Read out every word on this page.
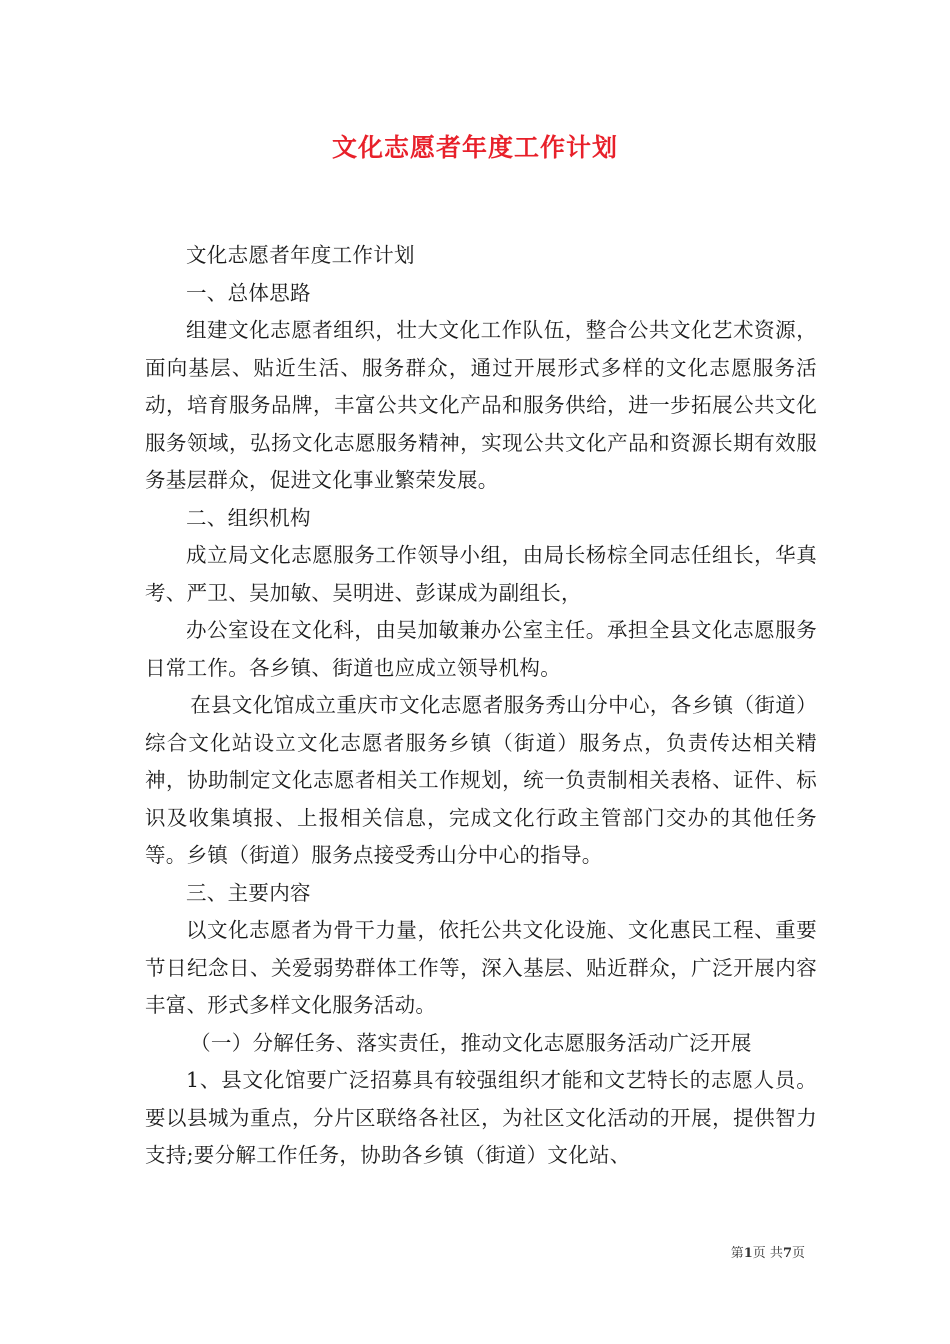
文化志愿者年度工作计划

文化志愿者年度工作计划

一、总体思路

组建文化志愿者组织，壮大文化工作队伍，整合公共文化艺术资源，面向基层、贴近生活、服务群众，通过开展形式多样的文化志愿服务活动，培育服务品牌，丰富公共文化产品和服务供给，进一步拓展公共文化服务领域，弘扬文化志愿服务精神，实现公共文化产品和资源长期有效服务基层群众，促进文化事业繁荣发展。

二、组织机构

成立局文化志愿服务工作领导小组，由局长杨棕全同志任组长，华真考、严卫、吴加敏、吴明进、彭谋成为副组长，

办公室设在文化科，由吴加敏兼办公室主任。承担全县文化志愿服务日常工作。各乡镇、街道也应成立领导机构。

在县文化馆成立重庆市文化志愿者服务秀山分中心，各乡镇（街道）综合文化站设立文化志愿者服务乡镇（街道）服务点，负责传达相关精神，协助制定文化志愿者相关工作规划，统一负责制相关表格、证件、标识及收集填报、上报相关信息，完成文化行政主管部门交办的其他任务等。乡镇（街道）服务点接受秀山分中心的指导。

三、主要内容

以文化志愿者为骨干力量，依托公共文化设施、文化惠民工程、重要节日纪念日、关爱弱势群体工作等，深入基层、贴近群众，广泛开展内容丰富、形式多样文化服务活动。

（一）分解任务、落实责任，推动文化志愿服务活动广泛开展

1、县文化馆要广泛招募具有较强组织才能和文艺特长的志愿人员。要以县城为重点，分片区联络各社区，为社区文化活动的开展，提供智力支持;要分解工作任务，协助各乡镇（街道）文化站、

第1页 共7页
